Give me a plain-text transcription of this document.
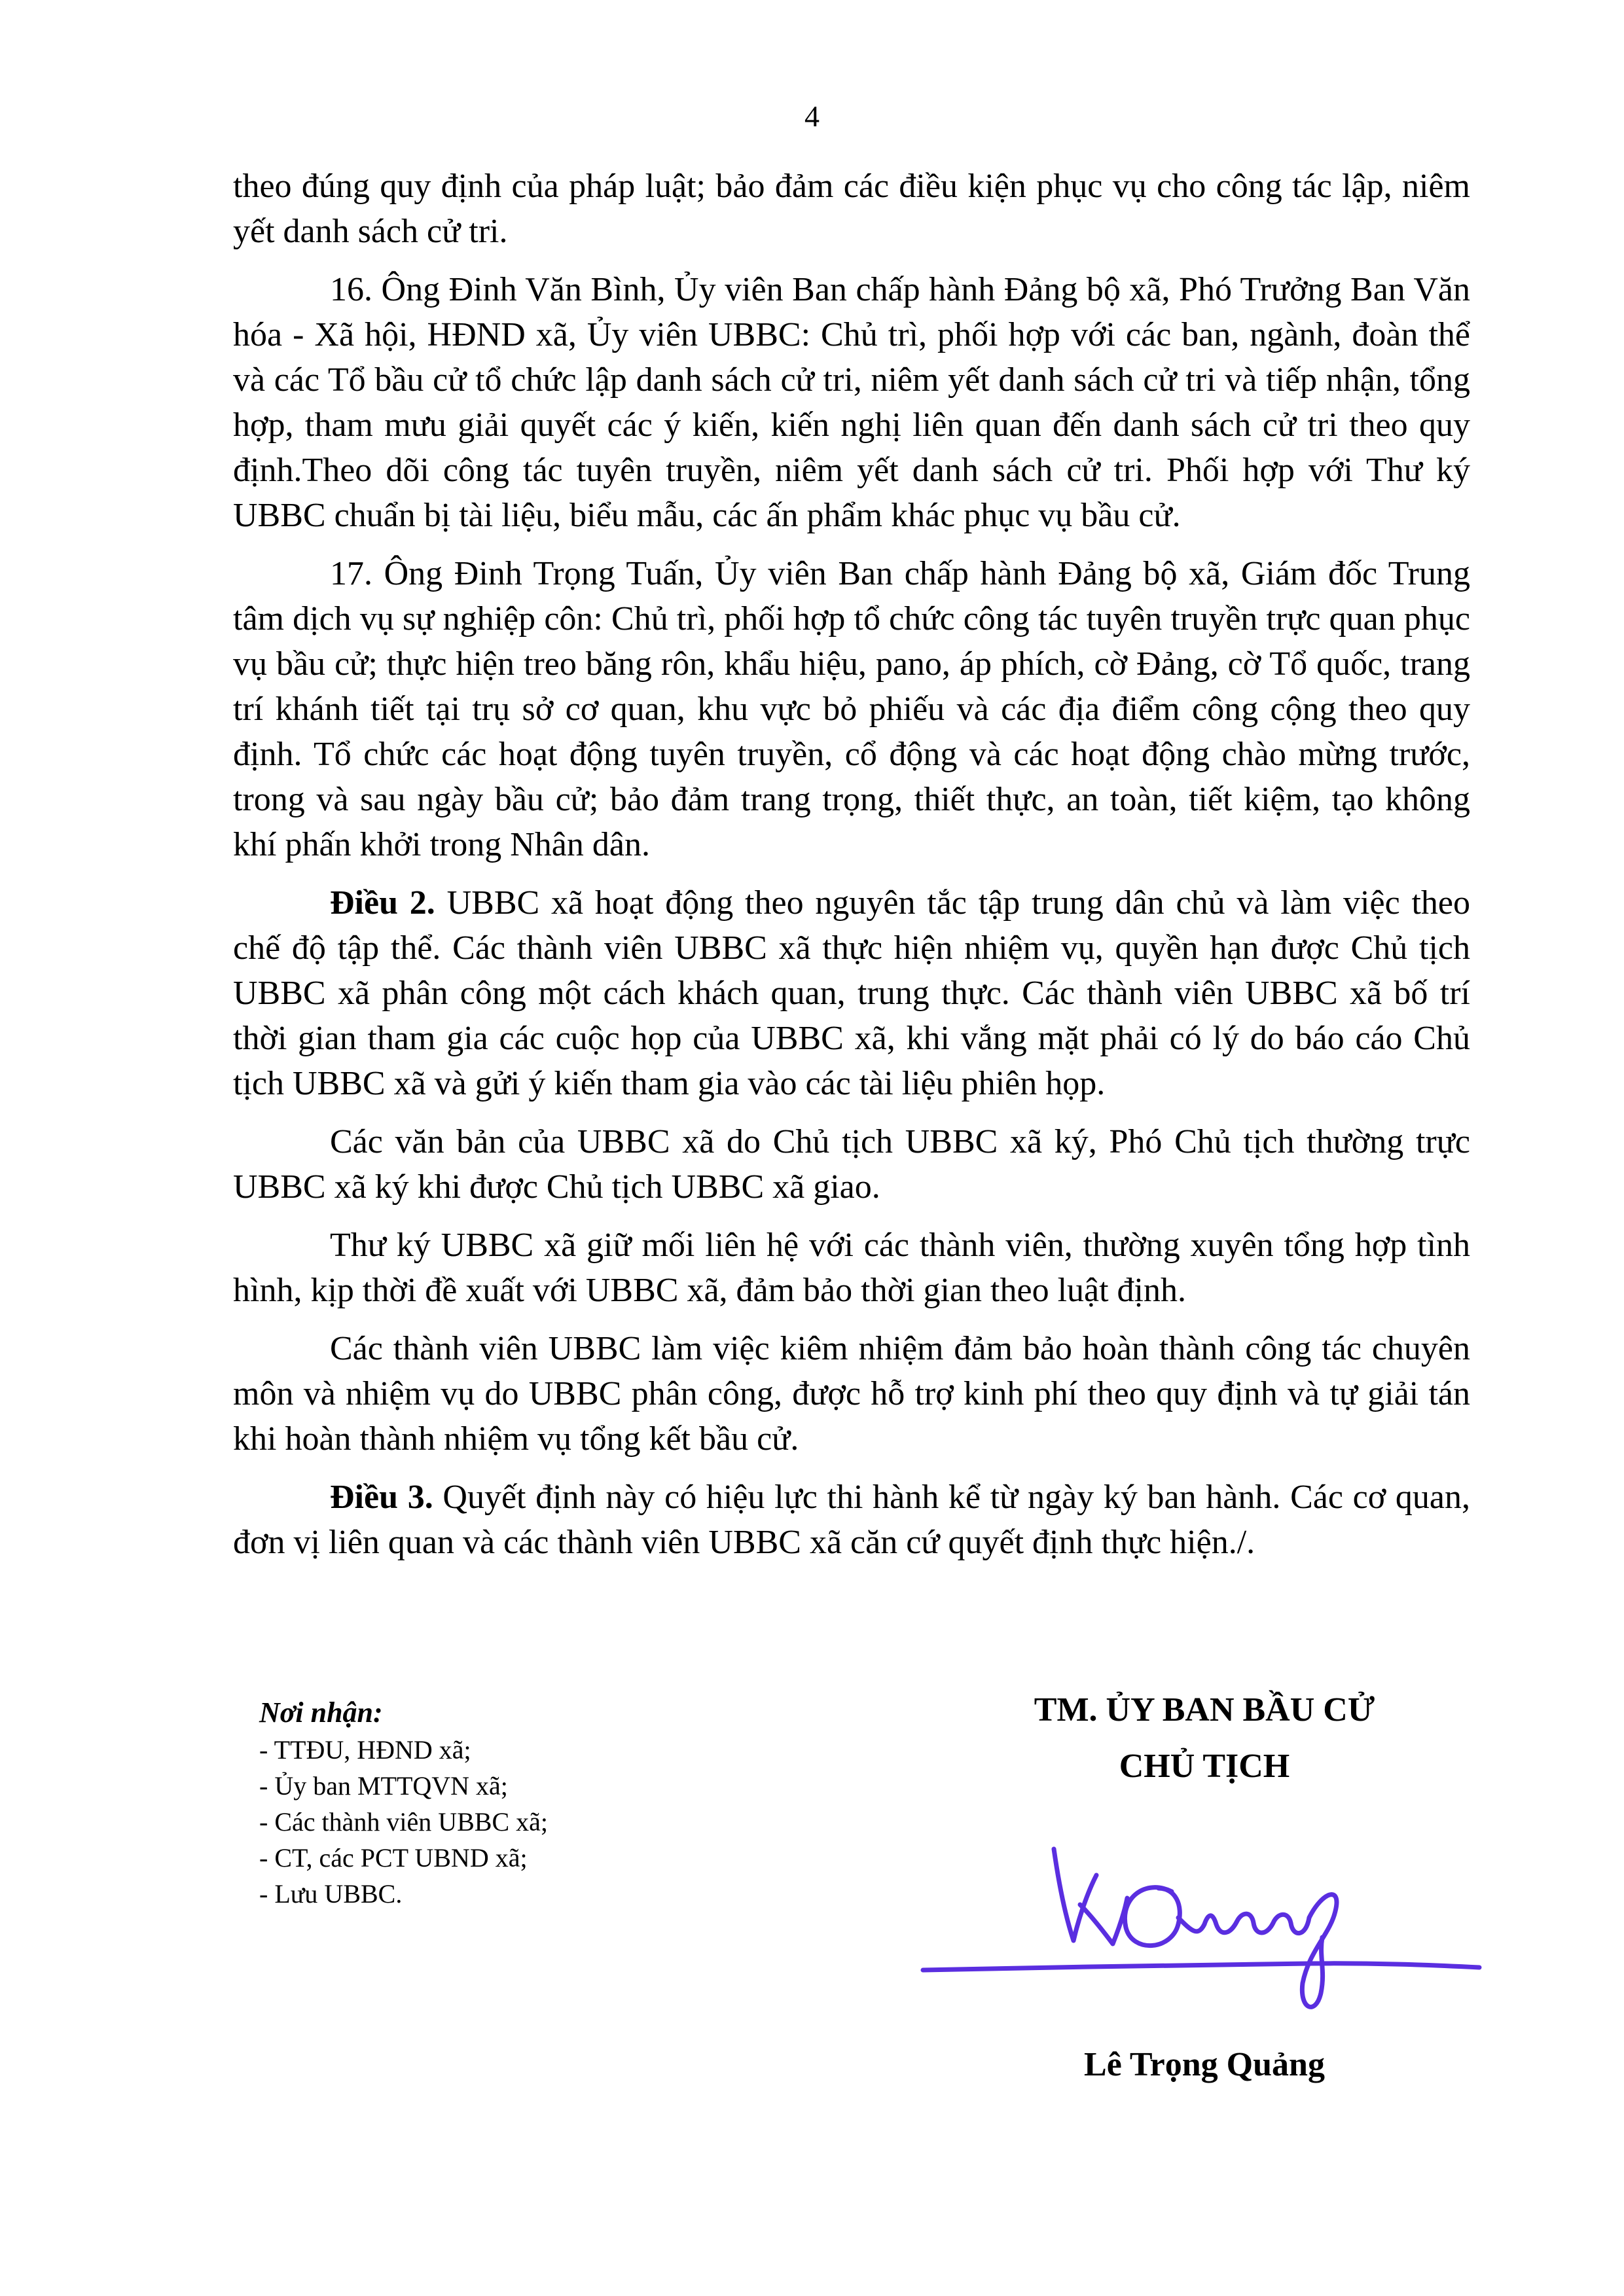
4

theo đúng quy định của pháp luật; bảo đảm các điều kiện phục vụ cho công tác lập, niêm yết danh sách cử tri.

16. Ông Đinh Văn Bình, Ủy viên Ban chấp hành Đảng bộ xã, Phó Trưởng Ban Văn hóa - Xã hội, HĐND xã, Ủy viên UBBC: Chủ trì, phối hợp với các ban, ngành, đoàn thể và các Tổ bầu cử tổ chức lập danh sách cử tri, niêm yết danh sách cử tri và tiếp nhận, tổng hợp, tham mưu giải quyết các ý kiến, kiến nghị liên quan đến danh sách cử tri theo quy định.Theo dõi công tác tuyên truyền, niêm yết danh sách cử tri. Phối hợp với Thư ký UBBC chuẩn bị tài liệu, biểu mẫu, các ấn phẩm khác phục vụ bầu cử.

17. Ông Đinh Trọng Tuấn, Ủy viên Ban chấp hành Đảng bộ xã, Giám đốc Trung tâm dịch vụ sự nghiệp côn: Chủ trì, phối hợp tổ chức công tác tuyên truyền trực quan phục vụ bầu cử; thực hiện treo băng rôn, khẩu hiệu, pano, áp phích, cờ Đảng, cờ Tổ quốc, trang trí khánh tiết tại trụ sở cơ quan, khu vực bỏ phiếu và các địa điểm công cộng theo quy định. Tổ chức các hoạt động tuyên truyền, cổ động và các hoạt động chào mừng trước, trong và sau ngày bầu cử; bảo đảm trang trọng, thiết thực, an toàn, tiết kiệm, tạo không khí phấn khởi trong Nhân dân.

Điều 2. UBBC xã hoạt động theo nguyên tắc tập trung dân chủ và làm việc theo chế độ tập thể. Các thành viên UBBC xã thực hiện nhiệm vụ, quyền hạn được Chủ tịch UBBC xã phân công một cách khách quan, trung thực. Các thành viên UBBC xã bố trí thời gian tham gia các cuộc họp của UBBC xã, khi vắng mặt phải có lý do báo cáo Chủ tịch UBBC xã và gửi ý kiến tham gia vào các tài liệu phiên họp.

Các văn bản của UBBC xã do Chủ tịch UBBC xã ký, Phó Chủ tịch thường trực UBBC xã ký khi được Chủ tịch UBBC xã giao.

Thư ký UBBC xã giữ mối liên hệ với các thành viên, thường xuyên tổng hợp tình hình, kịp thời đề xuất với UBBC xã, đảm bảo thời gian theo luật định.

Các thành viên UBBC làm việc kiêm nhiệm đảm bảo hoàn thành công tác chuyên môn và nhiệm vụ do UBBC phân công, được hỗ trợ kinh phí theo quy định và tự giải tán khi hoàn thành nhiệm vụ tổng kết bầu cử.

Điều 3. Quyết định này có hiệu lực thi hành kể từ ngày ký ban hành. Các cơ quan, đơn vị liên quan và các thành viên UBBC xã căn cứ quyết định thực hiện./.

Nơi nhận:
- TTĐU, HĐND xã;
- Ủy ban MTTQVN xã;
- Các thành viên UBBC xã;
- CT, các PCT UBND xã;
- Lưu UBBC.
TM. ỦY BAN BẦU CỬ
CHỦ TỊCH
Lê Trọng Quảng
